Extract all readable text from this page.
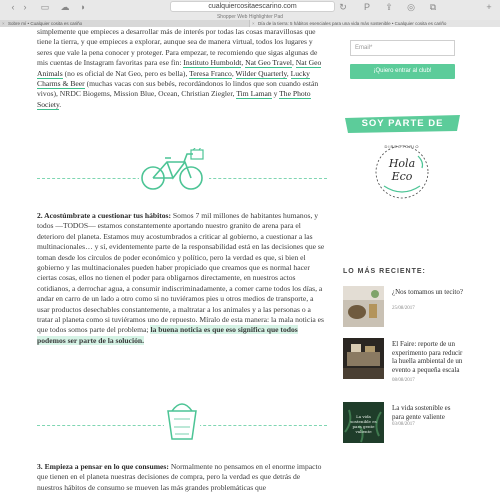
‹	›	▭ ☁ ◗	cualquiercositaescarino.com	↻ P ⇪ ◎ ⧉	+
Shopper Web Highlighter Pad
× Sobre mí • Cualquier cosita es cariño	× Día de la tierra: 5 hábitos esenciales para una vida más sostenible • Cualquier cosita es cariño

simplemente que empieces a desarrollar más de interés por todas las cosas maravillosas que tiene la tierra, y que empieces a explorar, aunque sea de manera virtual, todos los lugares y seres que vale la pena conocer y proteger. Para empezar, te recomiendo que sigas algunas de mis cuentas de Instagram favoritas para ese fin: Instituto Humboldt, Nat Geo Travel, Nat Geo Animals (no es oficial de Nat Geo, pero es bella), Teresa Franco, Wilder Quarterly, Lucky Charms & Beer (muchas vacas con sus bebés, recordándonos lo lindos que son cuando están vivos), NRDC Biogems, Mission Blue, Ocean, Christian Ziegler, Tim Laman y The Photo Society.

2. Acostúmbrate a cuestionar tus hábitos: Somos 7 mil millones de habitantes humanos, y todos —TODOS— estamos constantemente aportando nuestro granito de arena para el deterioro del planeta. Estamos muy acostumbrados a criticar al gobierno, a cuestionar a las multinacionales… y sí, evidentemente parte de la responsabilidad está en las decisiones que se toman desde los círculos de poder económico y político, pero la verdad es que, si bien el gobierno y las multinacionales pueden haber propiciado que creamos que es normal hacer ciertas cosas, ellos no tienen el poder para obligarnos directamente, en nuestros actos cotidianos, a derrochar agua, a consumir indiscriminadamente, a comer carne todos los días, a andar en carro de un lado a otro como si no tuviéramos pies u otros medios de transporte, a usar productos desechables constantemente, a maltratar a los animales y a las personas o a tratar al planeta como si tuviéramos uno de repuesto. Míralo de esta manera: la mala noticia es que todos somos parte del problema; la buena noticia es que eso significa que todos podemos ser parte de la solución.

3. Empieza a pensar en lo que consumes: Normalmente no pensamos en el enorme impacto que tienen en el planeta nuestras decisiones de compra, pero la verdad es que detrás de nuestros hábitos de consumo se mueven las más grandes problemáticas que

Email*
¡Quiero entrar al club!
SOY PARTE DE
DIRECTORIO
Hola
Eco
LO MÁS RECIENTE:
¿Nos tomamos un tecito?
25/08/2017
El Faire: reporte de un experimento para reducir la huella ambiental de un evento a pequeña escala
08/08/2017
La vida sostenible es para gente valiente
La vida sostenible es para gente valiente
03/08/2017
